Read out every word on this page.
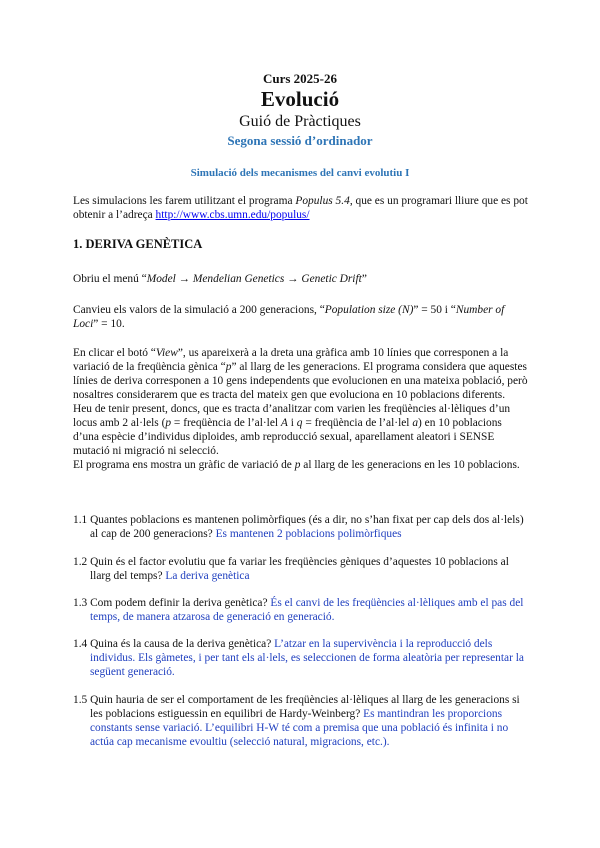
Curs 2025-26
Evolució
Guió de Pràctiques
Segona sessió d’ordinador
Simulació dels mecanismes del canvi evolutiu I

Les simulacions les farem utilitzant el programa Populus 5.4, que es un programari lliure que es pot obtenir a l’adreça http://www.cbs.umn.edu/populus/

1. DERIVA GENÈTICA

Obriu el menú “Model → Mendelian Genetics → Genetic Drift”

Canvieu els valors de la simulació a 200 generacions, “Population size (N)” = 50 i “Number of Loci” = 10.

En clicar el botó “View”, us apareixerà a la dreta una gràfica amb 10 línies que corresponen a la variació de la freqüència gènica “p” al llarg de les generacions. El programa considera que aquestes línies de deriva corresponen a 10 gens independents que evolucionen en una mateixa població, però nosaltres considerarem que es tracta del mateix gen que evoluciona en 10 poblacions diferents.

Heu de tenir present, doncs, que es tracta d’analitzar com varien les freqüències al·lèliques d’un locus amb 2 al·lels (p = freqüència de l’al·lel A i q = freqüència de l’al·lel a) en 10 poblacions d’una espècie d’individus diploides, amb reproducció sexual, aparellament aleatori i SENSE mutació ni migració ni selecció.

El programa ens mostra un gràfic de variació de p al llarg de les generacions en les 10 poblacions.

1.1 Quantes poblacions es mantenen polimòrfiques (és a dir, no s’han fixat per cap dels dos al·lels) al cap de 200 generacions? Es mantenen 2 poblacions polimòrfiques
1.2 Quin és el factor evolutiu que fa variar les freqüències gèniques d’aquestes 10 poblacions al llarg del temps? La deriva genètica
1.3 Com podem definir la deriva genètica? És el canvi de les freqüències al·lèliques amb el pas del temps, de manera atzarosa de generació en generació.
1.4 Quina és la causa de la deriva genètica? L’atzar en la supervivència i la reproducció dels individus. Els gàmetes, i per tant els al·lels, es seleccionen de forma aleatòria per representar la següent generació.
1.5 Quin hauria de ser el comportament de les freqüències al·lèliques al llarg de les generacions si les poblacions estiguessin en equilibri de Hardy-Weinberg? Es mantindran les proporcions constants sense variació. L’equilibri H-W té com a premisa que una població és infinita i no actúa cap mecanisme evoultiu (selecció natural, migracions, etc.).
